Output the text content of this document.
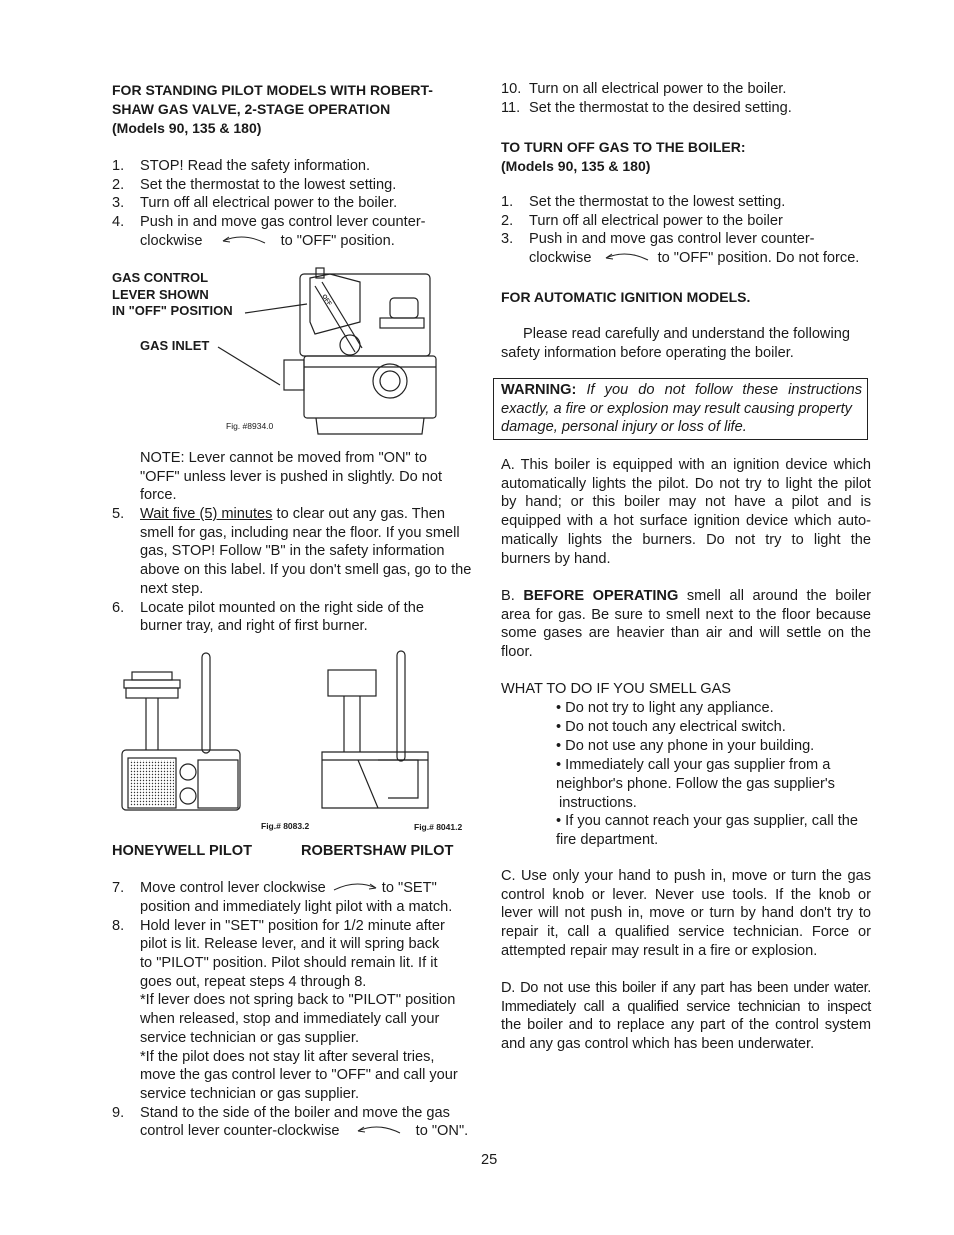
FOR STANDING PILOT MODELS WITH ROBERT-
SHAW GAS VALVE, 2-STAGE OPERATION
(Models 90, 135 & 180)
1. STOP! Read the safety information.
2. Set the thermostat to the lowest setting.
3. Turn off all electrical power to the boiler.
4. Push in and move gas control lever counter-
clockwise	to "OFF" position.
GAS CONTROL
LEVER SHOWN
IN "OFF" POSITION
GAS INLET
OFF
Fig. #8934.0
NOTE: Lever cannot be moved from "ON" to
"OFF" unless lever is pushed in slightly. Do not
force.
5. Wait five (5) minutes to clear out any gas. Then
smell for gas, including near the floor. If you smell
gas, STOP! Follow "B" in the safety information
above on this label. If you don't smell gas, go to the
next step.
6. Locate pilot mounted on the right side of the
burner tray, and right of first burner.
Fig.# 8083.2	Fig.# 8041.2
HONEYWELL PILOT	ROBERTSHAW PILOT
7. Move control lever clockwise	to "SET"
position and immediately light pilot with a match.
8. Hold lever in "SET" position for 1/2 minute after
pilot is lit. Release lever, and it will spring back
to "PILOT" position. Pilot should remain lit. If it
goes out, repeat steps 4 through 8.
*If lever does not spring back to "PILOT" position
when released, stop and immediately call your
service technician or gas supplier.
*If the pilot does not stay lit after several tries,
move the gas control lever to "OFF" and call your
service technician or gas supplier.
9. Stand to the side of the boiler and move the gas
control lever counter-clockwise	to "ON".
10. Turn on all electrical power to the boiler.
11. Set the thermostat to the desired setting.
TO TURN OFF GAS TO THE BOILER:
(Models 90, 135 & 180)
1. Set the thermostat to the lowest setting.
2. Turn off all electrical power to the boiler
3. Push in and move gas control lever counter-
clockwise	to "OFF" position. Do not force.
FOR AUTOMATIC IGNITION MODELS.
Please read carefully and understand the following
safety information before operating the boiler.
WARNING: If you do not follow these instructions
exactly, a fire or explosion may result causing property
damage, personal injury or loss of life.
A. This boiler is equipped with an ignition device which
automatically lights the pilot. Do not try to light the pilot
by hand; or this boiler may not have a pilot and is
equipped with a hot surface ignition device which auto-
matically lights the burners. Do not try to light the
burners by hand.
B. BEFORE OPERATING smell all around the boiler
area for gas. Be sure to smell next to the floor because
some gases are heavier than air and will settle on the
floor.
WHAT TO DO IF YOU SMELL GAS
• Do not try to light any appliance.
• Do not touch any electrical switch.
• Do not use any phone in your building.
• Immediately call your gas supplier from a
neighbor's phone. Follow the gas supplier's
instructions.
• If you cannot reach your gas supplier, call the
fire department.
C. Use only your hand to push in, move or turn the gas
control knob or lever. Never use tools. If the knob or
lever will not push in, move or turn by hand don't try to
repair it, call a qualified service technician. Force or
attempted repair may result in a fire or explosion.
D. Do not use this boiler if any part has been under water.
Immediately call a qualified service technician to inspect
the boiler and to replace any part of the control system
and any gas control which has been underwater.
25
